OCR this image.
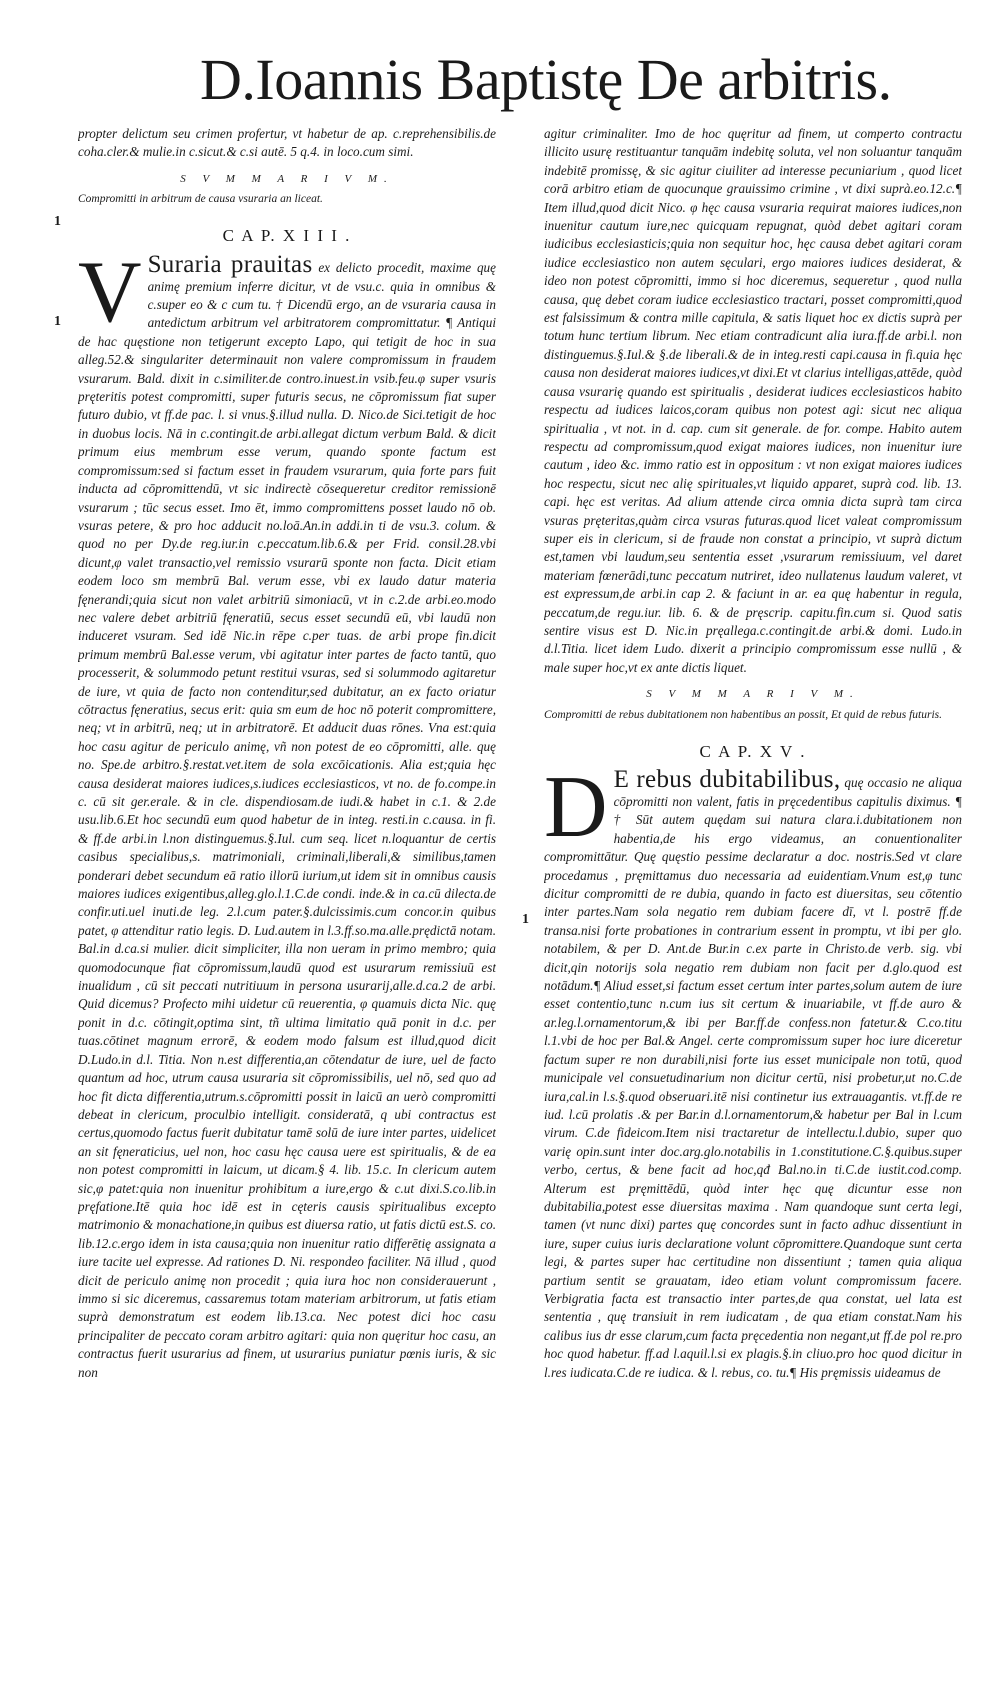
D.Ioannis Baptistę De arbitris.

propter delictum seu crimen profertur, vt habetur de ap. c.reprehensibilis.de coha.cler.& mulie.in c.sicut.& c.si autē. 5 q.4. in loco.cum simi.

S V M M A R I V M.

Compromitti in arbitrum de causa vsuraria an liceat.

C A P. X I I I .
V Suraria prauitas ex delicto procedit, maxime quę animę premium inferre dicitur, vt de vsu.c. quia in omnibus & c.super eo & c cum tu. † Dicendū ergo, an de vsuraria causa in antedictum arbitrum vel arbitratorem compromittatur. ¶ Antiqui de hac quęstione non tetigerunt excepto Lapo, qui tetigit de hoc in sua alleg.52.& singulariter determinauit non valere compromissum in fraudem vsurarum. Bald. dixit in c.similiter.de contro.inuest.in vsib.feu.φ super vsuris pręteritis potest compromitti, super futuris secus, ne cōpromissum fiat super futuro dubio, vt ff.de pac. l. si vnus.§.illud nulla. D. Nico.de Sici.tetigit de hoc in duobus locis. Nā in c.contingit.de arbi.allegat dictum verbum Bald. & dicit primum eius membrum esse verum, quando sponte factum est compromissum:sed si factum esset in fraudem vsurarum, quia forte pars fuit inducta ad cōpromittendū, vt sic indirectè cōsequeretur creditor remissionē vsurarum ; tūc secus esset. Imo ēt, immo compromittens posset laudo nō ob. vsuras petere, & pro hoc adducit no.loā.An.in addi.in ti de vsu.3. colum. & quod no per Dy.de reg.iur.in c.peccatum.lib.6.& per Frid. consil.28.vbi dicunt,φ valet transactio,vel remissio vsurarū sponte non facta. Dicit etiam eodem loco sm membrū Bal. verum esse, vbi ex laudo datur materia fęnerandi;quia sicut non valet arbitriū simoniacū, vt in c.2.de arbi.eo.modo nec valere debet arbitriū fęneratiū, secus esset secundū eū, vbi laudū non induceret vsuram. Sed idē Nic.in rēpe c.per tuas. de arbi prope fin.dicit primum membrū Bal.esse verum, vbi agitatur inter partes de facto tantū, quo processerit, & solummodo petunt restitui vsuras, sed si solummodo agitaretur de iure, vt quia de facto non contenditur,sed dubitatur, an ex facto oriatur cōtractus fęneratius, secus erit: quia sm eum de hoc nō poterit compromittere, neq; vt in arbitrū, neq; ut in arbitratorē. Et adducit duas rōnes. Vna est:quia hoc casu agitur de periculo animę, vñ non potest de eo cōpromitti, alle. quę no. Spe.de arbitro.§.restat.vet.item de sola excōicationis. Alia est;quia hęc causa desiderat maiores iudices,s.iudices ecclesiasticos, vt no. de fo.compe.in c. cū sit ger.erale. & in cle. dispendiosam.de iudi.& habet in c.1. & 2.de usu.lib.6.Et hoc secundū eum quod habetur de in integ. resti.in c.causa. in fi. & ff.de arbi.in l.non distinguemus.§.Iul. cum seq. licet n.loquantur de certis casibus specialibus,s. matrimoniali, criminali,liberali,& similibus,tamen ponderari debet secundum eā ratio illorū iurium,ut idem sit in omnibus causis maiores iudices exigentibus,alleg.glo.l.1.C.de condi. inde.& in ca.cū dilecta.de confir.uti.uel inuti.de leg. 2.l.cum pater.§.dulcissimis.cum concor.in quibus patet, φ attenditur ratio legis. D. Lud.autem in l.3.ff.so.ma.alle.prędictā notam. Bal.in d.ca.si mulier. dicit simpliciter, illa non ueram in primo membro; quia quomodocunque fiat cōpromissum,laudū quod est usurarum remissiuū est inualidum , cū sit peccati nutritiuum in persona usurarij,alle.d.ca.2 de arbi. Quid dicemus? Profecto mihi uidetur cū reuerentia, φ quamuis dicta Nic. quę ponit in d.c. cōtingit,optima sint, tñ ultima limitatio quā ponit in d.c. per tuas.cōtinet magnum errorē, & eodem modo falsum est illud,quod dicit D.Ludo.in d.l. Titia. Non n.est differentia,an cōtendatur de iure, uel de facto quantum ad hoc, utrum causa usuraria sit cōpromissibilis, uel nō, sed quo ad hoc fit dicta differentia,utrum.s.cōpromitti possit in laicū an uerò compromitti debeat in clericum, proculbio intelligit. consideratā, q ubi contractus est certus,quomodo factus fuerit dubitatur tamē solū de iure inter partes, uidelicet an sit fęneraticius, uel non, hoc casu hęc causa uere est spiritualis, & de ea non potest compromitti in laicum, ut dicam.§ 4. lib. 15.c. In clericum autem sic,φ patet:quia non inuenitur prohibitum a iure,ergo & c.ut dixi.S.co.lib.in pręfatione.Itē quia hoc idē est in cęteris causis spiritualibus excepto matrimonio & monachatione,in quibus est diuersa ratio, ut fatis dictū est.S. co. lib.12.c.ergo idem in ista causa;quia non inuenitur ratio differētię assignata a iure tacite uel expresse. Ad rationes D. Ni. respondeo faciliter. Nā illud , quod dicit de periculo animę non procedit ; quia iura hoc non considerauerunt , immo si sic diceremus, cassaremus totam materiam arbitrorum, ut fatis etiam suprà demonstratum est eodem lib.13.ca. Nec potest dici hoc casu principaliter de peccato coram arbitro agitari: quia non quęritur hoc casu, an contractus fuerit usurarius ad finem, ut usurarius puniatur pœnis iuris, & sic non
1
1

agitur criminaliter. Imo de hoc quęritur ad finem, ut comperto contractu illicito usurę restituantur tanquām indebitę soluta, vel non soluantur tanquām indebitē promissę, & sic agitur ciuiliter ad interesse pecuniarium , quod licet corā arbitro etiam de quocunque grauissimo crimine , vt dixi suprà.eo.12.c.¶ Item illud,quod dicit Nico. φ hęc causa vsuraria requirat maiores iudices,non inuenitur cautum iure,nec quicquam repugnat, quòd debet agitari coram iudicibus ecclesiasticis;quia non sequitur hoc, hęc causa debet agitari coram iudice ecclesiastico non autem sęculari, ergo maiores iudices desiderat, & ideo non potest cōpromitti, immo si hoc diceremus, sequeretur , quod nulla causa, quę debet coram iudice ecclesiastico tractari, posset compromitti,quod est falsissimum & contra mille capitula, & satis liquet hoc ex dictis suprà per totum hunc tertium librum. Nec etiam contradicunt alia iura.ff.de arbi.l. non distinguemus.§.Iul.& §.de liberali.& de in integ.resti capi.causa in fi.quia hęc causa non desiderat maiores iudices,vt dixi.Et vt clarius intelligas,attēde, quòd causa vsurarię quando est spiritualis , desiderat iudices ecclesiasticos habito respectu ad iudices laicos,coram quibus non potest agi: sicut nec aliqua spiritualia , vt not. in d. cap. cum sit generale. de for. compe. Habito autem respectu ad compromissum,quod exigat maiores iudices, non inuenitur iure cautum , ideo &c. immo ratio est in oppositum : vt non exigat maiores iudices hoc respectu, sicut nec alię spirituales,vt liquido apparet, suprà cod. lib. 13. capi. hęc est veritas. Ad alium attende circa omnia dicta suprà tam circa vsuras pręteritas,quàm circa vsuras futuras.quod licet valeat compromissum super eis in clericum, si de fraude non constat a principio, vt suprà dictum est,tamen vbi laudum,seu sententia esset ,vsurarum remissiuum, vel daret materiam fœnerādi,tunc peccatum nutriret, ideo nullatenus laudum valeret, vt est expressum,de arbi.in cap 2. & faciunt in ar. ea quę habentur in regula, peccatum,de regu.iur. lib. 6. & de pręscrip. capitu.fin.cum si. Quod satis sentire visus est D. Nic.in pręallega.c.contingit.de arbi.& domi. Ludo.in d.l.Titia. licet idem Ludo. dixerit a principio compromissum esse nullū , & male super hoc,vt ex ante dictis liquet.

S V M M A R I V M.

Compromitti de rebus dubitationem non habentibus an possit, Et quid de rebus futuris.

C A P. X V .
D E rebus dubitabilibus, quę occasio ne aliqua cōpromitti non valent, fatis in pręcedentibus capitulis diximus. ¶ † Sūt autem quędam sui natura clara.i.dubitationem non habentia,de his ergo videamus, an conuentionaliter compromittātur. Quę quęstio pessime declaratur a doc. nostris.Sed vt clare procedamus , pręmittamus duo necessaria ad euidentiam.Vnum est,φ tunc dicitur compromitti de re dubia, quando in facto est diuersitas, seu cōtentio inter partes.Nam sola negatio rem dubiam facere dī, vt l. postrē ff.de transa.nisi forte probationes in contrarium essent in promptu, vt ibi per glo. notabilem, & per D. Ant.de Bur.in c.ex parte in Christo.de verb. sig. vbi dicit,qin notorijs sola negatio rem dubiam non facit per d.glo.quod est notādum.¶ Aliud esset,si factum esset certum inter partes,solum autem de iure esset contentio,tunc n.cum ius sit certum & inuariabile, vt ff.de auro & ar.leg.l.ornamentorum,& ibi per Bar.ff.de confess.non fatetur.& C.co.titu l.1.vbi de hoc per Bal.& Angel. certe compromissum super hoc iure diceretur factum super re non durabili,nisi forte ius esset municipale non totū, quod municipale vel consuetudinarium non dicitur certū, nisi probetur,ut no.C.de iura,cal.in l.s.§.quod obseruari.itē nisi continetur ius extrauagantis. vt.ff.de re iud. l.cū prolatis .& per Bar.in d.l.ornamentorum,& habetur per Bal in l.cum virum. C.de fideicom.Item nisi tractaretur de intellectu.l.dubio, super quo varię opin.sunt inter doc.arg.glo.notabilis in 1.constitutione.C.§.quibus.super verbo, certus, & bene facit ad hoc,qđ Bal.no.in ti.C.de iustit.cod.comp. Alterum est pręmittēdū, quòd inter hęc quę dicuntur esse non dubitabilia,potest esse diuersitas maxima . Nam quandoque sunt certa legi, tamen (vt nunc dixi) partes quę concordes sunt in facto adhuc dissentiunt in iure, super cuius iuris declaratione volunt cōpromittere.Quandoque sunt certa legi, & partes super hac certitudine non dissentiunt ; tamen quia aliqua partium sentit se grauatam, ideo etiam volunt compromissum facere. Verbigratia facta est transactio inter partes,de qua constat, uel lata est sententia , quę transiuit in rem iudicatam , de qua etiam constat.Nam his calibus ius dr esse clarum,cum facta pręcedentia non negant,ut ff.de pol re.pro hoc quod habetur. ff.ad l.aquil.l.si ex plagis.§.in cliuo.pro hoc quod dicitur in l.res iudicata.C.de re iudica. & l. rebus, co. tu.¶ His pręmissis uideamus de
1
